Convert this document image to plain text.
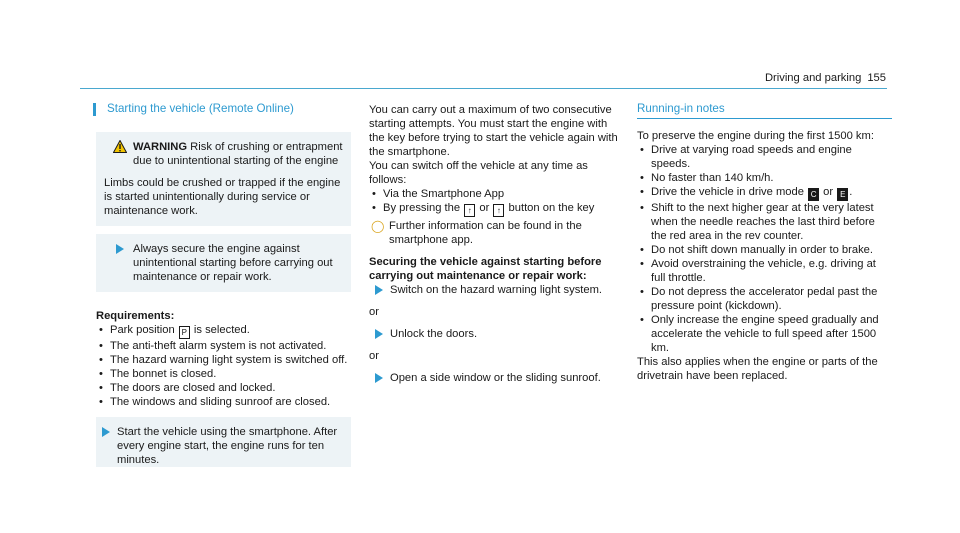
Driving and parking 155
Starting the vehicle (Remote Online)
WARNING Risk of crushing or entrapment due to unintentional starting of the engine
Limbs could be crushed or trapped if the engine is started unintentionally during service or maintenance work.
Always secure the engine against unintentional starting before carrying out maintenance or repair work.
Requirements:
• Park position P is selected.
• The anti-theft alarm system is not activated.
• The hazard warning light system is switched off.
• The bonnet is closed.
• The doors are closed and locked.
• The windows and sliding sunroof are closed.
Start the vehicle using the smartphone. After every engine start, the engine runs for ten minutes.
You can carry out a maximum of two consecutive starting attempts. You must start the engine with the key before trying to start the vehicle again with the smartphone.
You can switch off the vehicle at any time as follows:
• Via the Smartphone App
• By pressing the ↑ or ↑ button on the key
◯ Further information can be found in the smartphone app.
Securing the vehicle against starting before carrying out maintenance or repair work:
Switch on the hazard warning light system.
or
Unlock the doors.
or
Open a side window or the sliding sunroof.
Running-in notes
To preserve the engine during the first 1500 km:
• Drive at varying road speeds and engine speeds.
• No faster than 140 km/h.
• Drive the vehicle in drive mode C or E .
• Shift to the next higher gear at the very latest when the needle reaches the last third before the red area in the rev counter.
• Do not shift down manually in order to brake.
• Avoid overstraining the vehicle, e.g. driving at full throttle.
• Do not depress the accelerator pedal past the pressure point (kickdown).
• Only increase the engine speed gradually and accelerate the vehicle to full speed after 1500 km.
This also applies when the engine or parts of the drivetrain have been replaced.
